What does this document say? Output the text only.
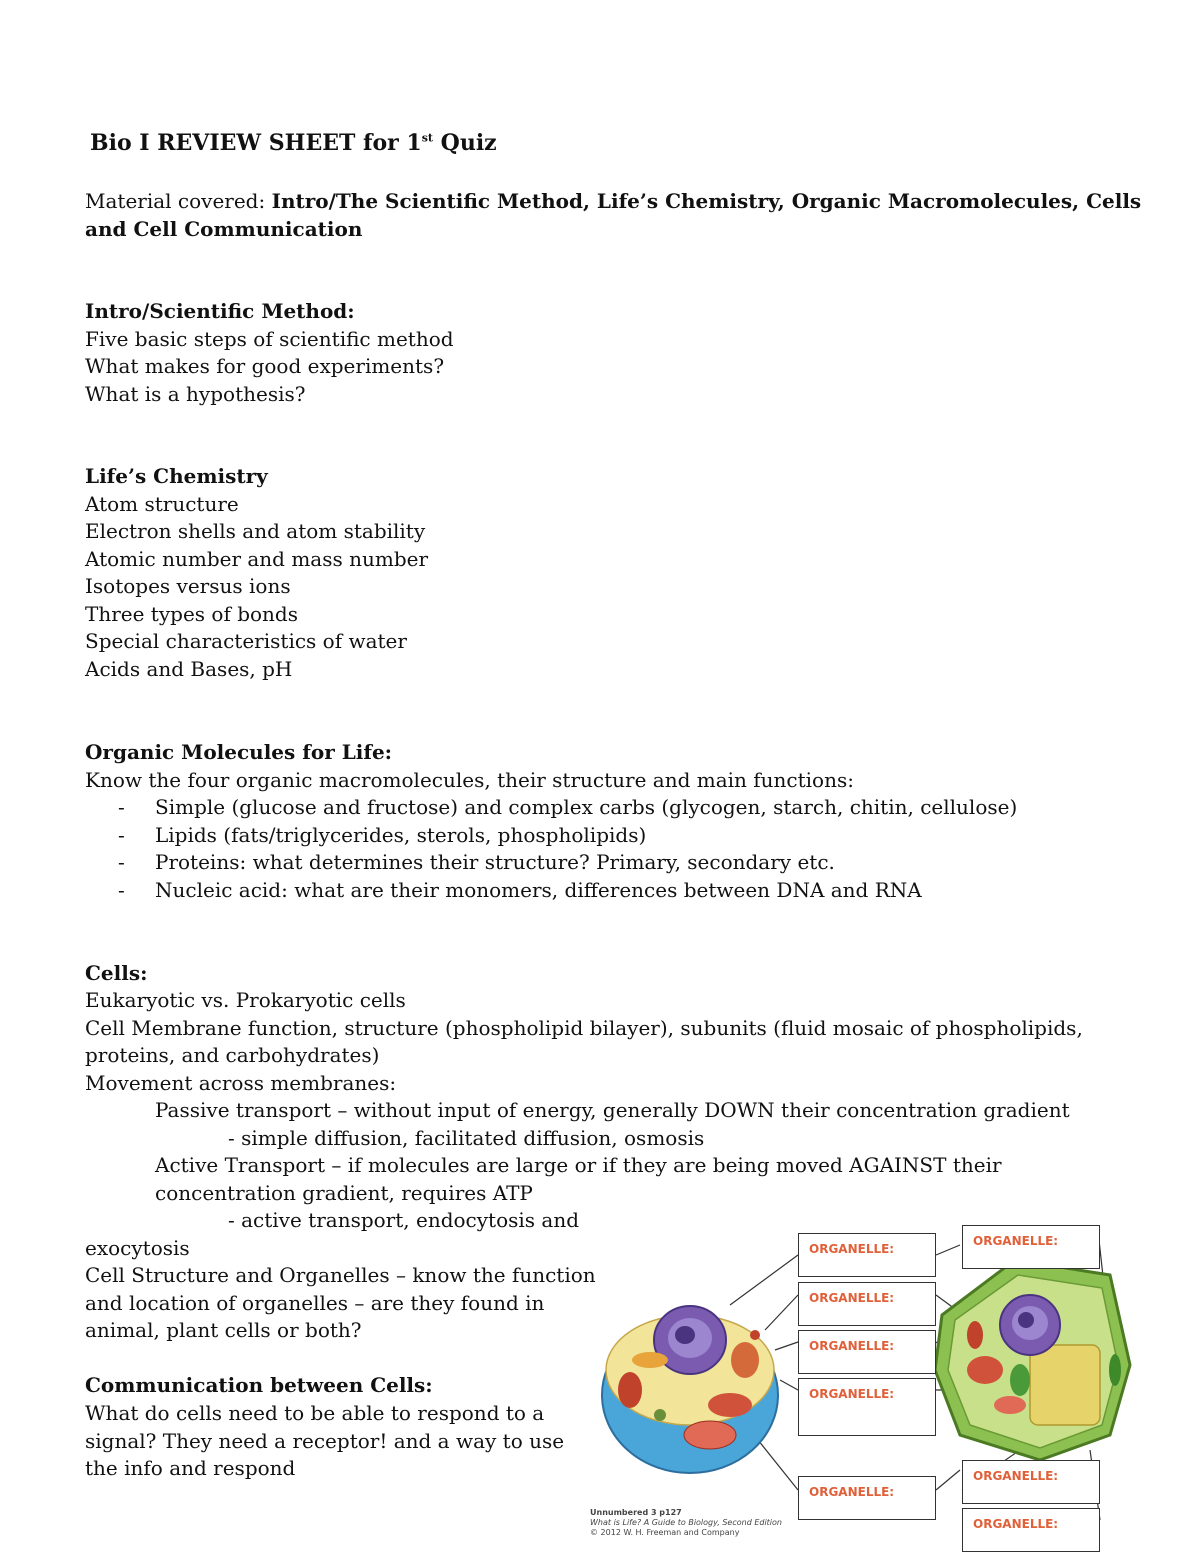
Bio I REVIEW SHEET for 1st Quiz
Material covered: Intro/The Scientific Method, Life’s Chemistry, Organic Macromolecules, Cells
and Cell Communication
Intro/Scientific Method:
Five basic steps of scientific method
What makes for good experiments?
What is a hypothesis?
Life’s Chemistry
Atom structure
Electron shells and atom stability
Atomic number and mass number
Isotopes versus ions
Three types of bonds
Special characteristics of water
Acids and Bases, pH
Organic Molecules for Life:
Know the four organic macromolecules, their structure and main functions:
- Simple (glucose and fructose) and complex carbs (glycogen, starch, chitin, cellulose)
- Lipids (fats/triglycerides, sterols, phospholipids)
- Proteins: what determines their structure? Primary, secondary etc.
- Nucleic acid: what are their monomers, differences between DNA and RNA
Cells:
Eukaryotic vs. Prokaryotic cells
Cell Membrane function, structure (phospholipid bilayer), subunits (fluid mosaic of phospholipids,
proteins, and carbohydrates)
Movement across membranes:
Passive transport – without input of energy, generally DOWN their concentration gradient
- simple diffusion, facilitated diffusion, osmosis
Active Transport – if molecules are large or if they are being moved AGAINST their
concentration gradient, requires ATP
- active transport, endocytosis and
exocytosis
Cell Structure and Organelles – know the function
and location of organelles – are they found in
animal, plant cells or both?
Communication between Cells:
What do cells need to be able to respond to a
signal? They need a receptor! and a way to use
the info and respond
ORGANELLE:
ORGANELLE:
ORGANELLE:
ORGANELLE:
ORGANELLE:
ORGANELLE:
ORGANELLE:
ORGANELLE:
Unnumbered 3 p127
What is Life? A Guide to Biology, Second Edition
© 2012 W. H. Freeman and Company
